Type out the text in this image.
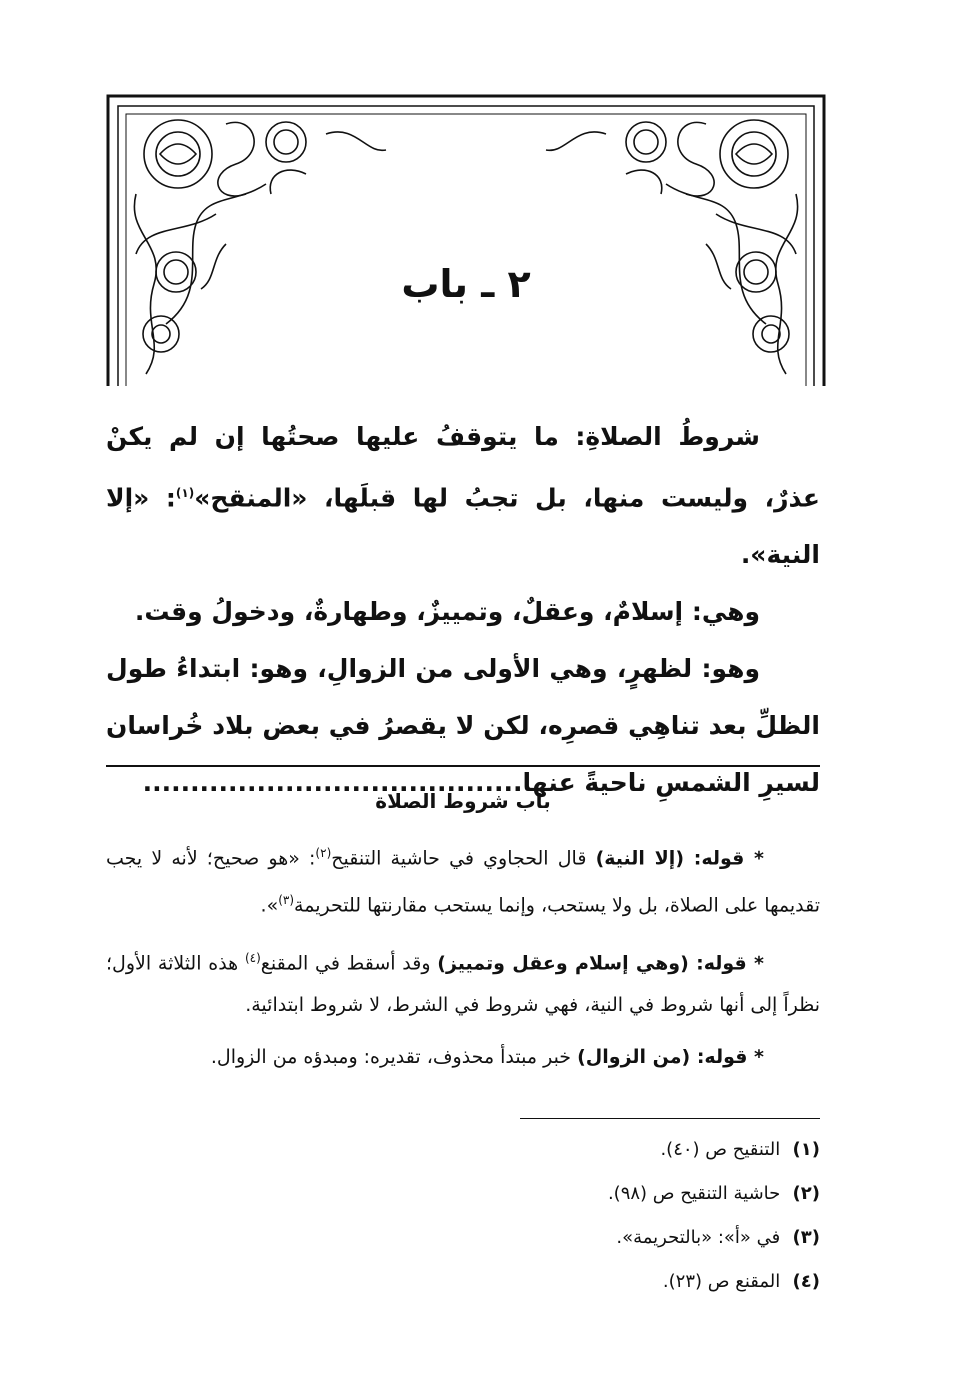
٢ ـ باب

شروطُ الصلاةِ: ما يتوقفُ عليها صحتُها إن لم يكنْ عذرٌ، وليست منها، بل تجبُ لها قبلَها، «المنقح»$^{(١)}$: «إلا النية».

وهي: إسلامٌ، وعقلٌ، وتمييزٌ، وطهارةٌ، ودخولُ وقت.

وهو: لظهرٍ، وهي الأولى من الزوالِ، وهو: ابتداءُ طول الظلِّ بعد تناهِي قصرِه، لكن لا يقصرُ في بعض بلاد خُراسان لسيرِ الشمسِ ناحيةً عنها........................................

باب شروط الصلاة

* قوله: (إلا النية) قال الحجاوي في حاشية التنقيح$^{(٢)}$: «هو صحيح؛ لأنه لا يجب تقديمها على الصلاة، بل ولا يستحب، وإنما يستحب مقارنتها للتحريمة$^{(٣)}$».

* قوله: (وهي إسلام وعقل وتمييز) وقد أسقط في المقنع$^{(٤)}$ هذه الثلاثة الأول؛ نظراً إلى أنها شروط في النية، فهي شروط في الشرط، لا شروط ابتدائية.

* قوله: (من الزوال) خبر مبتدأ محذوف، تقديره: ومبدؤه من الزوال.

(١) التنقيح ص (٤٠).
(٢) حاشية التنقيح ص (٩٨).
(٣) في «أ»: «بالتحريمة».
(٤) المقنع ص (٢٣).
